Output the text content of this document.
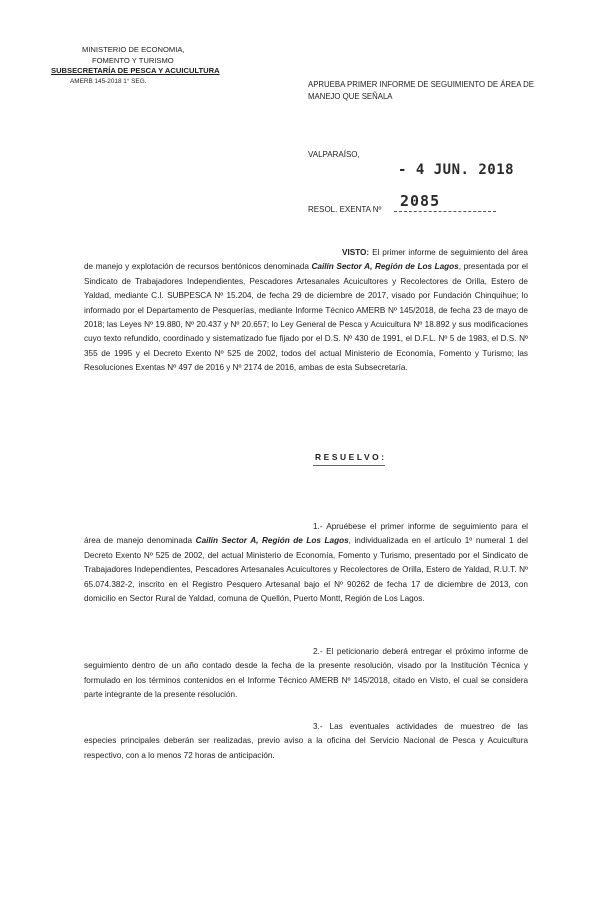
MINISTERIO DE ECONOMIA,
FOMENTO Y TURISMO
SUBSECRETARÍA DE PESCA Y ACUICULTURA
AMERB 145-2018 1° SEG.	APRUEBA PRIMER INFORME DE SEGUIMIENTO DE ÁREA DE MANEJO QUE SEÑALA
VALPARAÍSO,
- 4 JUN. 2018
RESOL. EXENTA Nº 2085
VISTO: El primer informe de seguimiento del área de manejo y explotación de recursos bentónicos denominada Cailín Sector A, Región de Los Lagos, presentada por el Sindicato de Trabajadores Independientes, Pescadores Artesanales Acuicultores y Recolectores de Orilla, Estero de Yaldad, mediante C.I. SUBPESCA Nº 15.204, de fecha 29 de diciembre de 2017, visado por Fundación Chinquihue; lo informado por el Departamento de Pesquerías, mediante Informe Técnico AMERB Nº 145/2018, de fecha 23 de mayo de 2018; las Leyes Nº 19.880, Nº 20.437 y Nº 20.657; lo Ley General de Pesca y Acuicultura Nº 18.892 y sus modificaciones cuyo texto refundido, coordinado y sistematizado fue fijado por el D.S. Nº 430 de 1991, el D.F.L. Nº 5 de 1983, el D.S. Nº 355 de 1995 y el Decreto Exento Nº 525 de 2002, todos del actual Ministerio de Economía, Fomento y Turismo; las Resoluciones Exentas Nº 497 de 2016 y Nº 2174 de 2016, ambas de esta Subsecretaría.
RESUELVO:
1.- Apruébese el primer informe de seguimiento para el área de manejo denominada Cailín Sector A, Región de Los Lagos, individualizada en el artículo 1º numeral 1 del Decreto Exento Nº 525 de 2002, del actual Ministerio de Economía, Fomento y Turismo, presentado por el Sindicato de Trabajadores Independientes, Pescadores Artesanales Acuicultores y Recolectores de Orilla, Estero de Yaldad, R.U.T. Nº 65.074.382-2, inscrito en el Registro Pesquero Artesanal bajo el Nº 90262 de fecha 17 de diciembre de 2013, con domicilio en Sector Rural de Yaldad, comuna de Quellón, Puerto Montt, Región de Los Lagos.
2.- El peticionario deberá entregar el próximo informe de seguimiento dentro de un año contado desde la fecha de la presente resolución, visado por la Institución Técnica y formulado en los términos contenidos en el Informe Técnico AMERB Nº 145/2018, citado en Visto, el cual se considera parte integrante de la presente resolución.
3.- Las eventuales actividades de muestreo de las especies principales deberán ser realizadas, previo aviso a la oficina del Servicio Nacional de Pesca y Acuicultura respectivo, con a lo menos 72 horas de anticipación.
